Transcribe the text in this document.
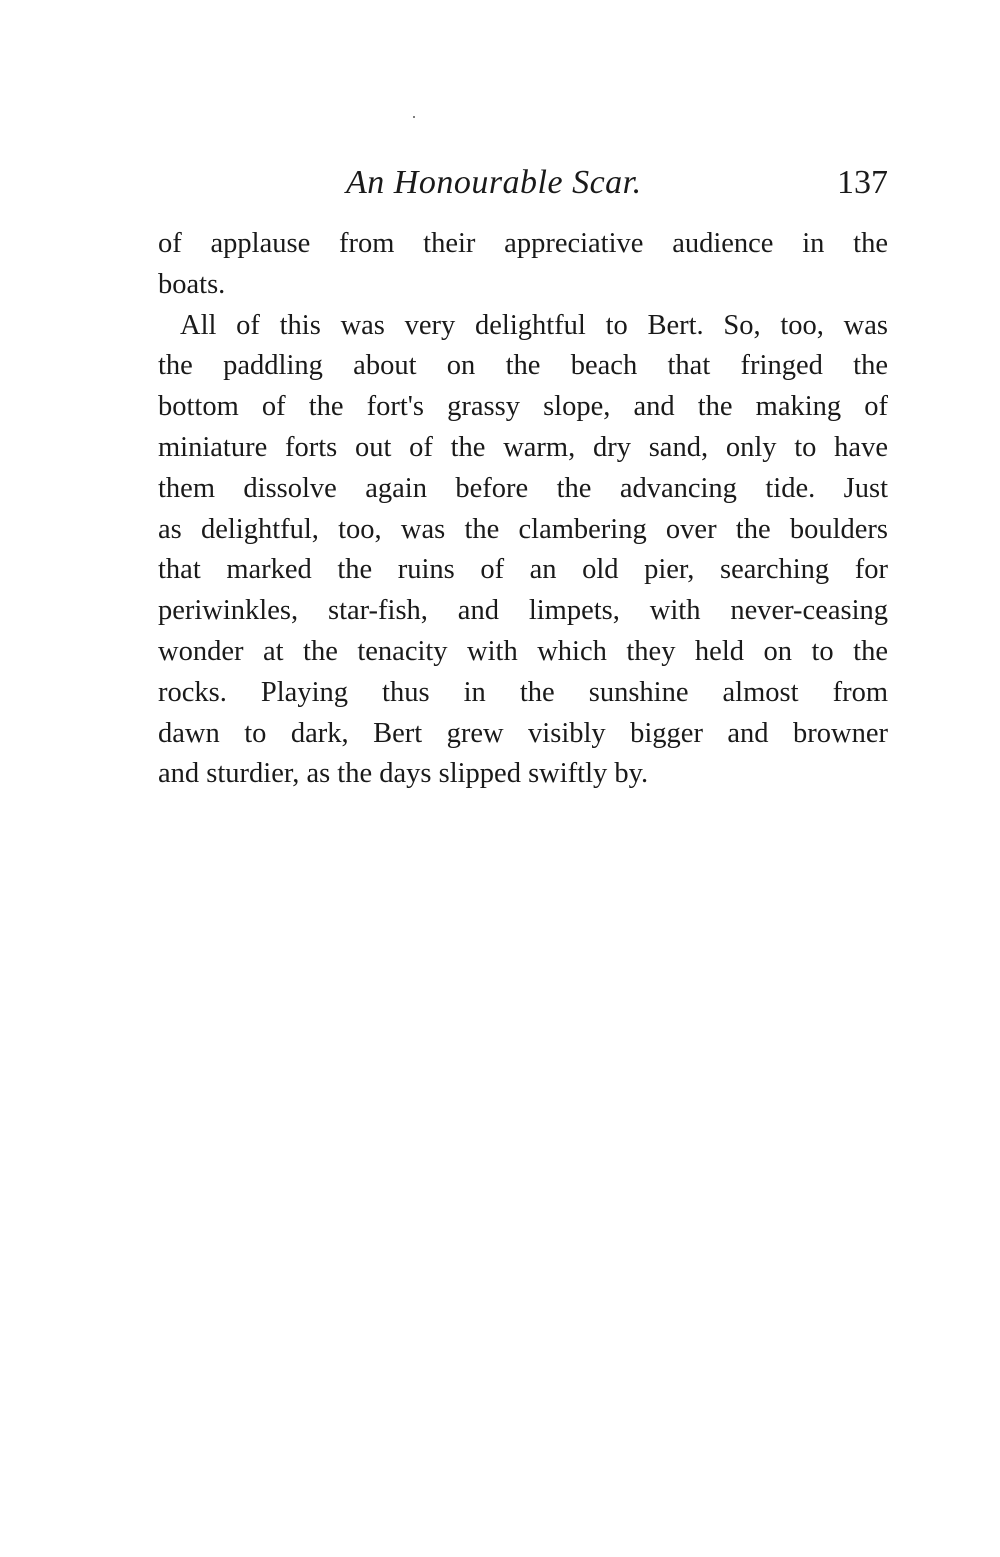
An Honourable Scar.	137
of applause from their appreciative audience in the
boats.
All of this was very delightful to Bert. So, too, was
the paddling about on the beach that fringed the
bottom of the fort's grassy slope, and the making of
miniature forts out of the warm, dry sand, only to have
them dissolve again before the advancing tide. Just
as delightful, too, was the clambering over the boulders
that marked the ruins of an old pier, searching for
periwinkles, star-fish, and limpets, with never-ceasing
wonder at the tenacity with which they held on to the
rocks. Playing thus in the sunshine almost from
dawn to dark, Bert grew visibly bigger and browner
and sturdier, as the days slipped swiftly by.
